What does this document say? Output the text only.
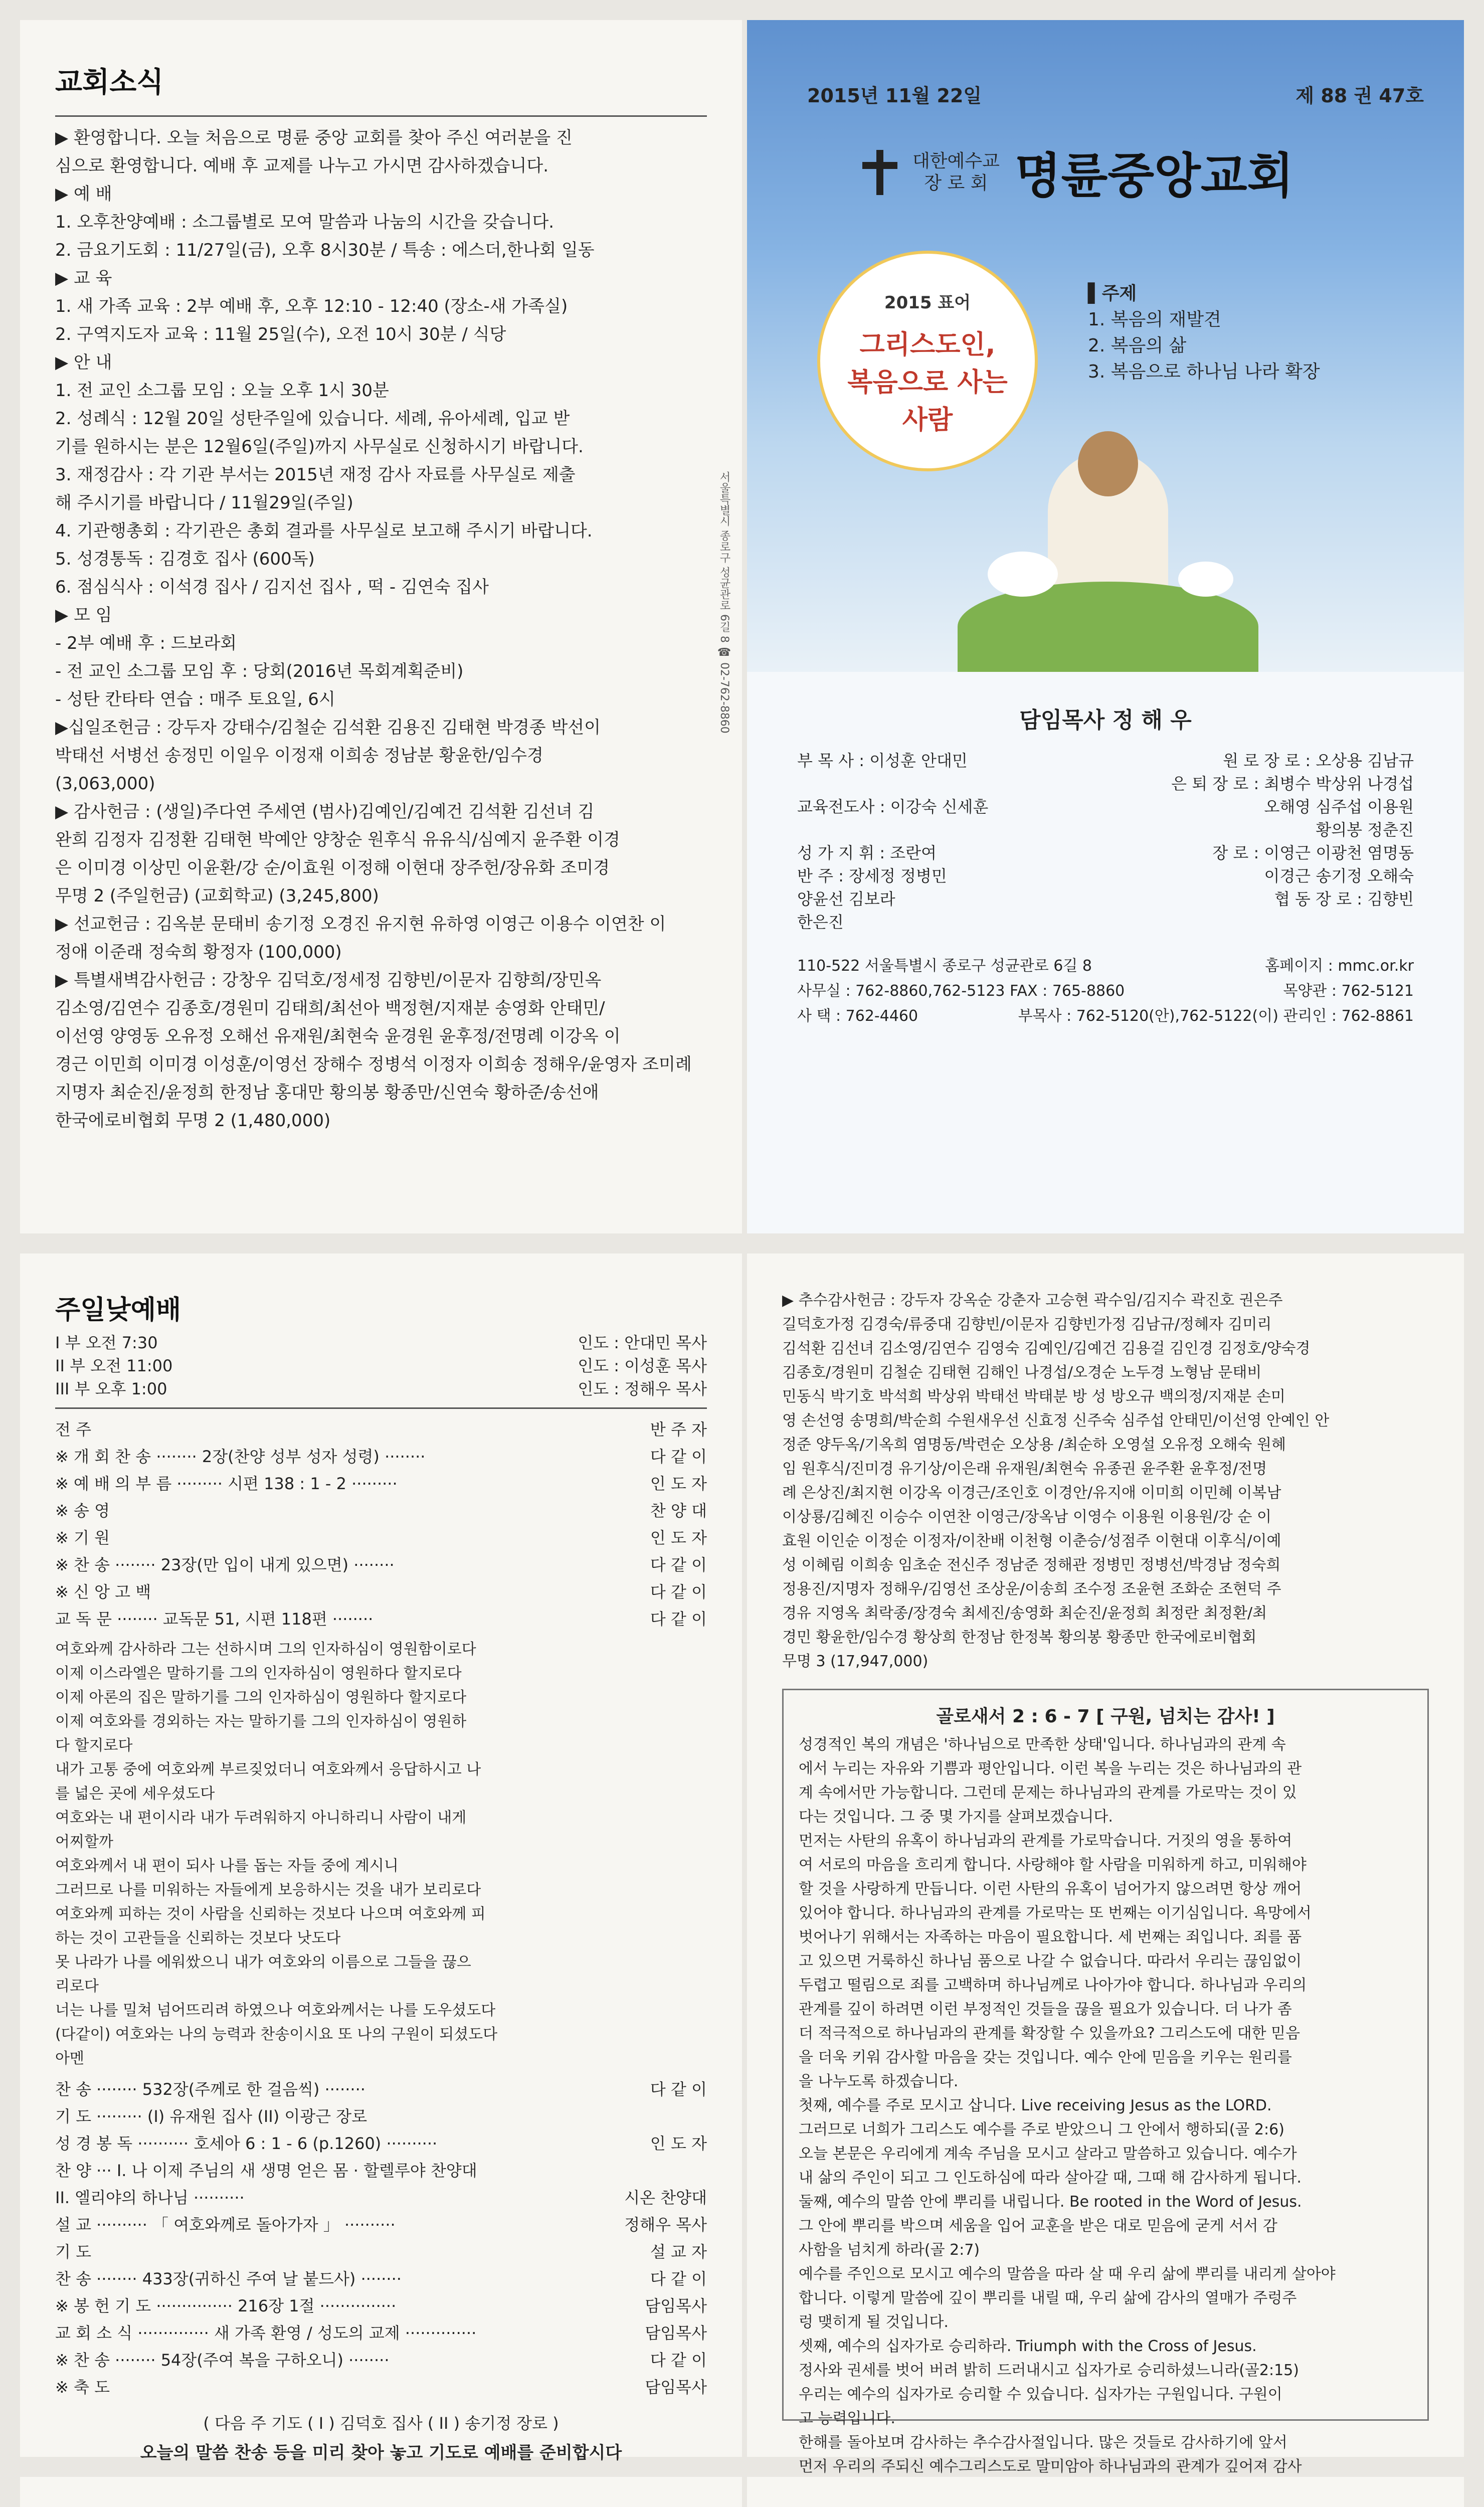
교회소식
▶ 환영합니다. 오늘 처음으로 명륜 중앙 교회를 찾아 주신 여러분을 진
심으로 환영합니다. 예배 후 교제를 나누고 가시면 감사하겠습니다.
▶ 예 배
1. 오후찬양예배 : 소그룹별로 모여 말씀과 나눔의 시간을 갖습니다.
2. 금요기도회 : 11/27일(금), 오후 8시30분 / 특송 : 에스더,한나회 일동
▶ 교 육
1. 새 가족 교육 : 2부 예배 후, 오후 12:10 - 12:40 (장소-새 가족실)
2. 구역지도자 교육 : 11월 25일(수), 오전 10시 30분 / 식당
▶ 안 내
1. 전 교인 소그룹 모임 : 오늘 오후 1시 30분
2. 성례식 : 12월 20일 성탄주일에 있습니다. 세례, 유아세례, 입교 받
기를 원하시는 분은 12월6일(주일)까지 사무실로 신청하시기 바랍니다.
3. 재정감사 : 각 기관 부서는 2015년 재정 감사 자료를 사무실로 제출
해 주시기를 바랍니다 / 11월29일(주일)
4. 기관행총회 : 각기관은 총회 결과를 사무실로 보고해 주시기 바랍니다.
5. 성경통독 : 김경호 집사 (600독)
6. 점심식사 : 이석경 집사 / 김지선 집사 , 떡 - 김연숙 집사
▶ 모 임
- 2부 예배 후 : 드보라회
- 전 교인 소그룹 모임 후 : 당회(2016년 목회계획준비)
- 성탄 칸타타 연습 : 매주 토요일, 6시
▶십일조헌금 : 강두자 강태수/김철순 김석환 김용진 김태현 박경종 박선이
박태선 서병선 송정민 이일우 이정재 이희송 정남분 황윤한/임수경
(3,063,000)
▶ 감사헌금 : (생일)주다연 주세연 (범사)김예인/김예건 김석환 김선녀 김
완희 김정자 김정환 김태현 박예안 양창순 원후식 유유식/심예지 윤주환 이경
은 이미경 이상민 이윤환/강 순/이효원 이정해 이현대 장주헌/장유화 조미경
무명 2 (주일헌금) (교회학교) (3,245,800)
▶ 선교헌금 : 김옥분 문태비 송기정 오경진 유지현 유하영 이영근 이용수 이연찬 이
정애 이준래 정숙희 황정자 (100,000)
▶ 특별새벽감사헌금 : 강창우 김덕호/정세정 김향빈/이문자 김향희/장민옥
김소영/김연수 김종호/경원미 김태희/최선아 백정현/지재분 송영화 안태민/
이선영 양영동 오유정 오해선 유재원/최현숙 윤경원 윤후정/전명례 이강옥 이
경근 이민희 이미경 이성훈/이영선 장해수 정병석 이정자 이희송 정해우/윤영자 조미례
지명자 최순진/윤정희 한정남 홍대만 황의봉 황종만/신연숙 황하준/송선애
한국에로비협회 무명 2 (1,480,000)
서울특별시 종로구 성균관로 6길 8 ☎ 02-762-8860
2015년 11월 22일	제 88 권 47호
대한예수교
장 로 회 명륜중앙교회
2015 표어
그리스도인,
복음으로 사는
사람
▌주제
1. 복음의 재발견
2. 복음의 삶
3. 복음으로 하나님 나라 확장
담임목사 정 해 우
부 목 사 : 이성훈 안대민	원 로 장 로 : 오상용 김남규
은 퇴 장 로 : 최병수 박상위 나경섭
교육전도사 : 이강숙 신세훈	오해영 심주섭 이용원
황의봉 정춘진
성 가 지 휘 : 조란여	장 로 : 이영근 이광천 염명동
반 주 : 장세정 정병민	이경근 송기정 오해숙
양윤선 김보라	협 동 장 로 : 김향빈
한은진
110-522 서울특별시 종로구 성균관로 6길 8	홈페이지 : mmc.or.kr
사무실 : 762-8860,762-5123 FAX : 765-8860	목양관 : 762-5121
사 택 : 762-4460	부목사 : 762-5120(안),762-5122(이) 관리인 : 762-8861
주일낮예배
I 부 오전 7:30	인도 : 안대민 목사
II 부 오전 11:00	인도 : 이성훈 목사
III 부 오후 1:00	인도 : 정해우 목사
전 주	반 주 자
※ 개 회 찬 송 ········ 2장(찬양 성부 성자 성령) ········	다 같 이
※ 예 배 의 부 름 ········· 시편 138 : 1 - 2 ·········	인 도 자
※ 송 영	찬 양 대
※ 기 원	인 도 자
※ 찬 송 ········ 23장(만 입이 내게 있으면) ········	다 같 이
※ 신 앙 고 백	다 같 이
교 독 문 ········ 교독문 51, 시편 118편 ········	다 같 이
여호와께 감사하라 그는 선하시며 그의 인자하심이 영원함이로다
이제 이스라엘은 말하기를 그의 인자하심이 영원하다 할지로다
이제 아론의 집은 말하기를 그의 인자하심이 영원하다 할지로다
이제 여호와를 경외하는 자는 말하기를 그의 인자하심이 영원하
다 할지로다
내가 고통 중에 여호와께 부르짖었더니 여호와께서 응답하시고 나
를 넓은 곳에 세우셨도다
여호와는 내 편이시라 내가 두려워하지 아니하리니 사람이 내게
어찌할까
여호와께서 내 편이 되사 나를 돕는 자들 중에 계시니
그러므로 나를 미워하는 자들에게 보응하시는 것을 내가 보리로다
여호와께 피하는 것이 사람을 신뢰하는 것보다 나으며 여호와께 피
하는 것이 고관들을 신뢰하는 것보다 낫도다
못 나라가 나를 에워쌌으니 내가 여호와의 이름으로 그들을 끊으
리로다
너는 나를 밀쳐 넘어뜨리려 하였으나 여호와께서는 나를 도우셨도다
(다같이) 여호와는 나의 능력과 찬송이시요 또 나의 구원이 되셨도다
아멘
찬 송 ········ 532장(주께로 한 걸음씩) ········	다 같 이
기 도 ········· (I) 유재원 집사 (II) 이광근 장로
성 경 봉 독 ·········· 호세아 6 : 1 - 6 (p.1260) ··········	인 도 자
찬 양 ··· I. 나 이제 주님의 새 생명 얻은 몸 · 할렐루야 찬양대
II. 엘리야의 하나님 ··········	시온 찬양대
설 교 ·········· 「 여호와께로 돌아가자 」 ··········	정해우 목사
기 도	설 교 자
찬 송 ········ 433장(귀하신 주여 날 붙드사) ········	다 같 이
※ 봉 헌 기 도 ··············· 216장 1절 ···············	담임목사
교 회 소 식 ·············· 새 가족 환영 / 성도의 교제 ··············	담임목사
※ 찬 송 ········ 54장(주여 복을 구하오니) ········	다 같 이
※ 축 도	담임목사
( 다음 주 기도 ( I ) 김덕호 집사 ( II ) 송기정 장로 )
오늘의 말씀 찬송 등을 미리 찾아 놓고 기도로 예배를 준비합시다
▶ 추수감사헌금 : 강두자 강옥순 강춘자 고승현 곽수임/김지수 곽진호 권은주
길덕호가정 김경숙/류중대 김향빈/이문자 김향빈가정 김남규/정혜자 김미리
김석환 김선녀 김소영/김연수 김영숙 김예인/김예건 김용걸 김인경 김정호/양숙경
김종호/경원미 김철순 김태현 김해인 나경섭/오경순 노두경 노형남 문태비
민동식 박기호 박석희 박상위 박태선 박태분 방 성 방오규 백의정/지재분 손미
영 손선영 송명희/박순희 수원새우선 신효정 신주숙 심주섭 안태민/이선영 안예인 안
정준 양두옥/기옥희 염명동/박련순 오상용 /최순하 오영설 오유정 오해숙 원혜
임 원후식/진미경 유기상/이은래 유재원/최현숙 유종권 윤주환 윤후정/전명
례 은상진/최지현 이강옥 이경근/조인호 이경안/유지애 이미희 이민혜 이복남
이상룡/김혜진 이승수 이연찬 이영근/장옥남 이영수 이용원 이용원/강 순 이
효원 이인순 이정순 이정자/이찬배 이천형 이춘승/성점주 이현대 이후식/이예
성 이혜림 이희송 임초순 전신주 정남준 정해관 정병민 정병선/박경남 정숙희
정용진/지명자 정해우/김영선 조상운/이송희 조수정 조윤현 조화순 조현덕 주
경유 지영옥 최락종/장경숙 최세진/송영화 최순진/윤정희 최정란 최정환/최
경민 황윤한/임수경 황상희 한정남 한정복 황의봉 황종만 한국에로비협회
무명 3 (17,947,000)
골로새서 2 : 6 - 7 [ 구원, 넘치는 감사! ]
성경적인 복의 개념은 '하나님으로 만족한 상태'입니다. 하나님과의 관계 속
에서 누리는 자유와 기쁨과 평안입니다. 이런 복을 누리는 것은 하나님과의 관
계 속에서만 가능합니다. 그런데 문제는 하나님과의 관계를 가로막는 것이 있
다는 것입니다. 그 중 몇 가지를 살펴보겠습니다.
먼저는 사탄의 유혹이 하나님과의 관계를 가로막습니다. 거짓의 영을 통하여
여 서로의 마음을 흐리게 합니다. 사랑해야 할 사람을 미워하게 하고, 미워해야
할 것을 사랑하게 만듭니다. 이런 사탄의 유혹이 넘어가지 않으려면 항상 깨어
있어야 합니다. 하나님과의 관계를 가로막는 또 번째는 이기심입니다. 욕망에서
벗어나기 위해서는 자족하는 마음이 필요합니다. 세 번째는 죄입니다. 죄를 품
고 있으면 거룩하신 하나님 품으로 나갈 수 없습니다. 따라서 우리는 끊임없이
두렵고 떨림으로 죄를 고백하며 하나님께로 나아가야 합니다. 하나님과 우리의
관계를 깊이 하려면 이런 부정적인 것들을 끊을 필요가 있습니다. 더 나가 좀
더 적극적으로 하나님과의 관계를 확장할 수 있을까요? 그리스도에 대한 믿음
을 더욱 키워 감사할 마음을 갖는 것입니다. 예수 안에 믿음을 키우는 원리를
을 나누도록 하겠습니다.
첫째, 예수를 주로 모시고 삽니다. Live receiving Jesus as the LORD.
그러므로 너희가 그리스도 예수를 주로 받았으니 그 안에서 행하되(골 2:6)
오늘 본문은 우리에게 계속 주님을 모시고 살라고 말씀하고 있습니다. 예수가
내 삶의 주인이 되고 그 인도하심에 따라 살아갈 때, 그때 해 감사하게 됩니다.
둘째, 예수의 말씀 안에 뿌리를 내립니다. Be rooted in the Word of Jesus.
그 안에 뿌리를 박으며 세움을 입어 교훈을 받은 대로 믿음에 굳게 서서 감
사함을 넘치게 하라(골 2:7)
예수를 주인으로 모시고 예수의 말씀을 따라 살 때 우리 삶에 뿌리를 내리게 살아야
합니다. 이렇게 말씀에 깊이 뿌리를 내릴 때, 우리 삶에 감사의 열매가 주렁주
렁 맺히게 될 것입니다.
셋째, 예수의 십자가로 승리하라. Triumph with the Cross of Jesus.
정사와 권세를 벗어 버려 밝히 드러내시고 십자가로 승리하셨느니라(골2:15)
우리는 예수의 십자가로 승리할 수 있습니다. 십자가는 구원입니다. 구원이
고 능력입니다.
한해를 돌아보며 감사하는 추수감사절입니다. 많은 것들로 감사하기에 앞서
먼저 우리의 주되신 예수그리스도로 말미암아 하나님과의 관계가 깊어져 감사
